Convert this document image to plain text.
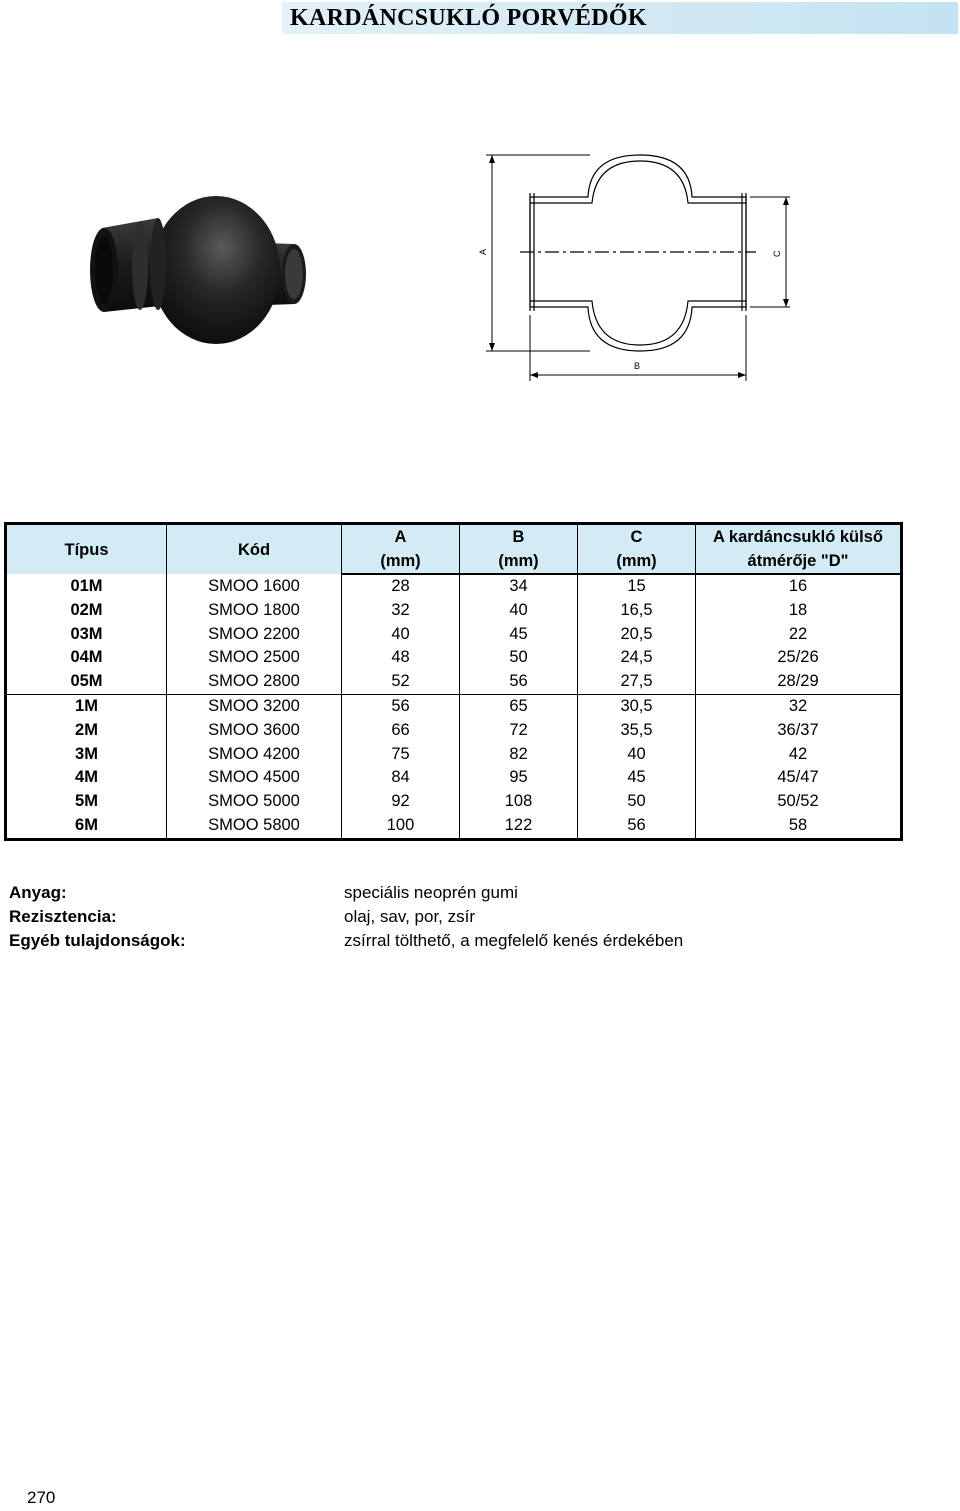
KARDÁNCSUKLÓ PORVÉDŐK
A
B
C
Típus	Kód	A	B	C	A kardáncsukló külső
		(mm)	(mm)	(mm)	átmérője "D"
01M	SMOO 1600	28	34	15	16
02M	SMOO 1800	32	40	16,5	18
03M	SMOO 2200	40	45	20,5	22
04M	SMOO 2500	48	50	24,5	25/26
05M	SMOO 2800	52	56	27,5	28/29
1M	SMOO 3200	56	65	30,5	32
2M	SMOO 3600	66	72	35,5	36/37
3M	SMOO 4200	75	82	40	42
4M	SMOO 4500	84	95	45	45/47
5M	SMOO 5000	92	108	50	50/52
6M	SMOO 5800	100	122	56	58
Anyag:	speciális neoprén gumi
Rezisztencia:	olaj, sav, por, zsír
Egyéb tulajdonságok:	zsírral tölthető, a megfelelő kenés érdekében
270
